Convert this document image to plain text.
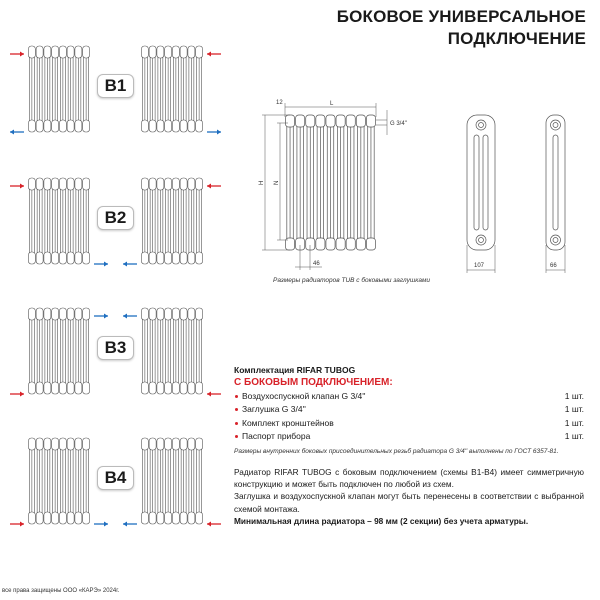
БОКОВОЕ УНИВЕРСАЛЬНОЕ
ПОДКЛЮЧЕНИЕ
B1
B2
B3
B4
12	L
H N
46
G 3/4''
107	66
Размеры радиаторов TUB с боковыми заглушками
Комплектация RIFAR TUBOG
С БОКОВЫМ ПОДКЛЮЧЕНИЕМ:
Воздухоспускной клапан G 3/4''	1 шт.
Заглушка G 3/4''	1 шт.
Комплект кронштейнов	1 шт.
Паспорт прибора	1 шт.
Размеры внутренних боковых присоединительных резьб радиатора G 3/4'' выполнены по ГОСТ 6357-81.

Радиатор RIFAR TUBOG с боковым подключением (схемы B1-B4) имеет симметричную конструкцию и может быть подключен по любой из схем.

Заглушка и воздухоспускной клапан могут быть перенесены в соответствии с выбранной схемой монтажа.

Минимальная длина радиатора – 98 мм (2 секции) без учета арматуры.
все права защищены ООО «КАРЭ» 2024г.
